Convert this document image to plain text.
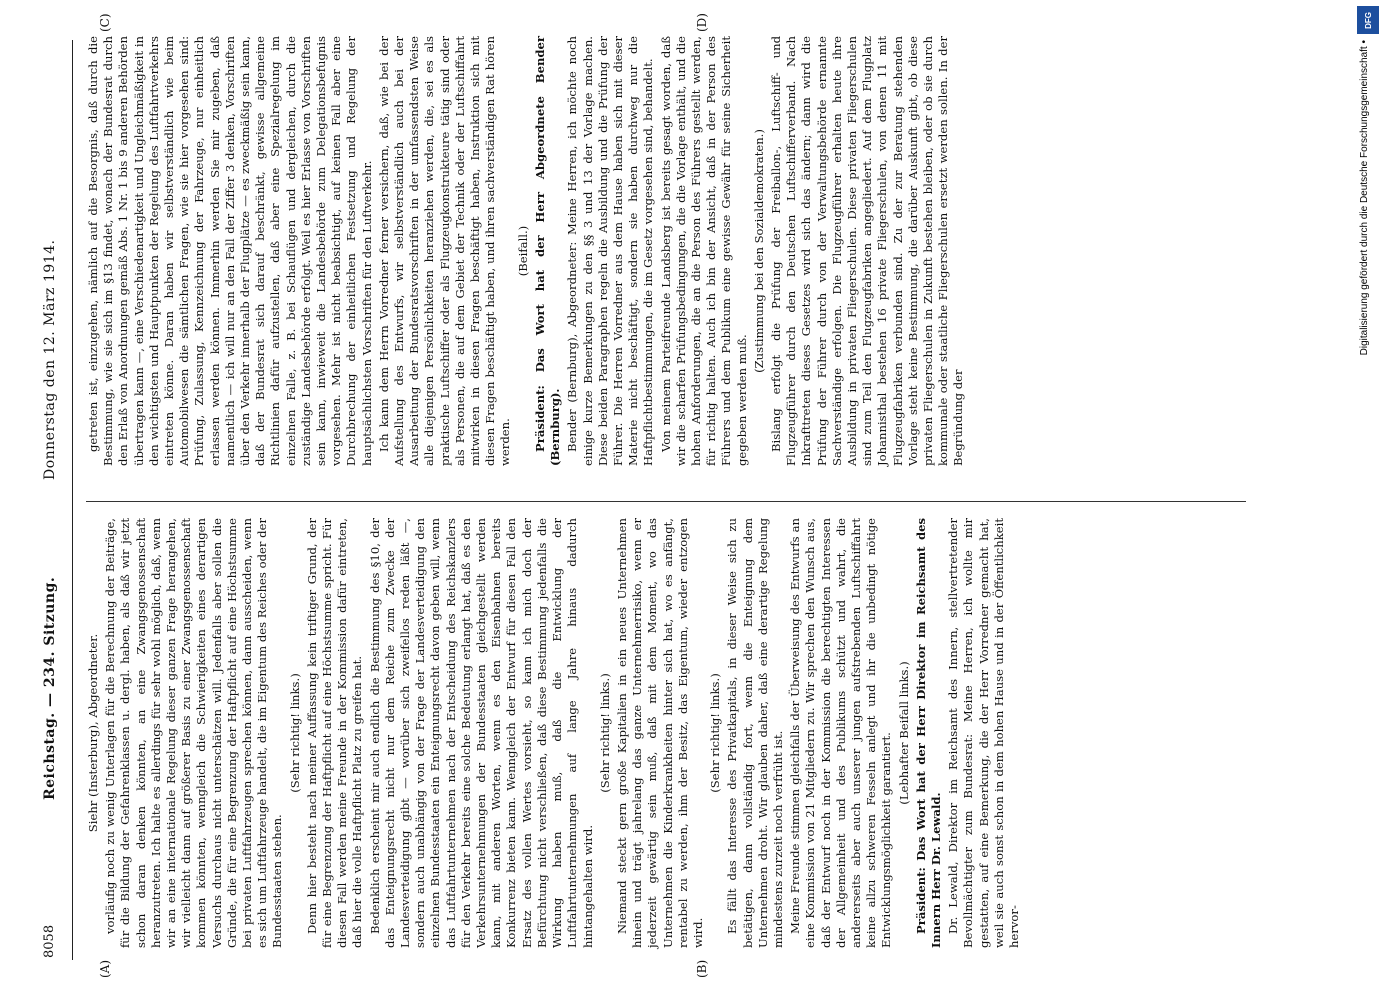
8058
Reichstag. — 234. Sitzung.
Donnerstag den 12. März 1914.
(A)	(B)
(C)	(D)

Siehr (Insterburg), Abgeordneter. vorläufig noch zu wenig Unterlagen für die Berechnung der Beiträge, für die Bildung der Gefahrenklassen u. dergl. haben, als daß wir jetzt schon daran denken könnten, an eine Zwangsgenossenschaft heranzutreten. Ich halte es allerdings für sehr wohl möglich, daß, wenn wir an eine internationale Regelung dieser ganzen Frage herangehen, wir vielleicht dann auf größerer Basis zu einer Zwangsgenossenschaft kommen könnten, wenngleich die Schwierigkeiten eines derartigen Versuchs durchaus nicht unterschätzen will. Jedenfalls aber sollen die Gründe, die für eine Begrenzung der Haftpflicht auf eine Höchstsumme bei privaten Luftfahrzeugen sprechen können, dann ausscheiden, wenn es sich um Luftfahrzeuge handelt, die im Eigentum des Reiches oder der Bundesstaaten stehen.

(Sehr richtig! links.) Denn hier besteht nach meiner Auffassung kein triftiger Grund, der für eine Begrenzung der Haftpflicht auf eine Höchstsumme spricht. Für diesen Fall werden meine Freunde in der Kommission dafür eintreten, daß hier die volle Haftpflicht Platz zu greifen hat. Bedenklich erscheint mir auch endlich die Bestimmung des §10, der das Enteignungsrecht nicht nur dem Reiche zum Zwecke der Landesverteidigung gibt — worüber sich zweifellos reden läßt —, sondern auch unabhängig von der Frage der Landesverteidigung den einzelnen Bundesstaaten ein Enteignungsrecht davon geben will, wenn das Luftfahrtunternehmen nach der Entscheidung des Reichskanzlers für den Verkehr bereits eine solche Bedeutung erlangt hat, daß es den Verkehrsunternehmungen der Bundesstaaten gleichgestellt werden kann, mit anderen Worten, wenn es den Eisenbahnen bereits Konkurrenz bieten kann. Wenngleich der Entwurf für diesen Fall den Ersatz des vollen Wertes vorsieht, so kann ich mich doch der Befürchtung nicht verschließen, daß diese Bestimmung jedenfalls die Wirkung haben muß, daß die Entwicklung der Luftfahrtunternehmungen auf lange Jahre hinaus dadurch hintangehalten wird.

(Sehr richtig! links.) Niemand steckt gern große Kapitalien in ein neues Unternehmen hinein und trägt jahrelang das ganze Unternehmerrisiko, wenn er jederzeit gewärtig sein muß, daß mit dem Moment, wo das Unternehmen die Kinderkrankheiten hinter sich hat, wo es anfängt, rentabel zu werden, ihm der Besitz, das Eigentum, wieder entzogen wird.

(Sehr richtig! links.) Es fällt das Interesse des Privatkapitals, in dieser Weise sich zu betätigen, dann vollständig fort, wenn die Enteignung dem Unternehmen droht. Wir glauben daher, daß eine derartige Regelung mindestens zurzeit noch verfrüht ist. Meine Freunde stimmen gleichfalls der Überweisung des Entwurfs an eine Kommission von 21 Mitgliedern zu. Wir sprechen den Wunsch aus, daß der Entwurf noch in der Kommission die berechtigten Interessen der Allgemeinheit und des Publikums schützt und wahrt, die andererseits aber auch unserer jungen aufstrebenden Luftschiffahrt keine allzu schweren Fesseln anlegt und ihr die unbedingt nötige Entwicklungsmöglichkeit garantiert. (Lebhafter Beifall links.) Präsident: Das Wort hat der Herr Direktor im Reichsamt des Innern Herr Dr. Lewald. Dr. Lewald, Direktor im Reichsamt des Innern, stellvertretender Bevollmächtigter zum Bundesrat: Meine Herren, ich wollte mir gestatten, auf eine Bemerkung, die der Herr Vorredner gemacht hat, weil sie auch sonst schon in dem hohen Hause und in der Öffentlichkeit hervor-

getreten ist, einzugehen, nämlich auf die Besorgnis, daß durch die Bestimmung, wie sie sich im §13 findet, wonach der Bundesrat durch den Erlaß von Anordnungen gemäß Abs. 1 Nr. 1 bis 9 anderen Behörden übertragen kann —, eine Verschiedenartigkeit und Ungleichmäßigkeit in den wichtigsten und Hauptpunkten der Regelung des Luftfahrtverkehrs eintreten könne. Daran haben wir selbstverständlich wie beim Automobilwesen die sämtlichen Fragen, wie sie hier vorgesehen sind: Prüfung, Zulassung, Kennzeichnung der Fahrzeuge, nur einheitlich erlassen werden können. Immerhin werden Sie mir zugeben, daß namentlich — ich will nur an den Fall der Ziffer 3 denken, Vorschriften über den Verkehr innerhalb der Flugplätze — es zweckmäßig sein kann, daß der Bundesrat sich darauf beschränkt, gewisse allgemeine Richtlinien dafür aufzustellen, daß aber eine Spezialregelung im einzelnen Falle, z. B. bei Schauflügen und dergleichen, durch die zuständige Landesbehörde erfolgt. Weil es hier Erlasse von Vorschriften sein kann, inwieweit die Landesbehörde zum Delegationsbefugnis vorgesehen. Mehr ist nicht beabsichtigt, auf keinen Fall aber eine Durchbrechung der einheitlichen Festsetzung und Regelung der hauptsächlichsten Vorschriften für den Luftverkehr. Ich kann dem Herrn Vorredner ferner versichern, daß, wie bei der Aufstellung des Entwurfs, wir selbstverständlich auch bei der Ausarbeitung der Bundesratsvorschriften in der umfassendsten Weise alle diejenigen Persönlichkeiten heranziehen werden, die, sei es als praktische Luftschiffer oder als Flugzeugkonstrukteure tätig sind oder als Personen, die auf dem Gebiet der Technik oder der Luftschiffahrt mitwirken in diesen Fragen beschäftigt haben, Instruktion sich mit diesen Fragen beschäftigt haben, und ihren sachverständigen Rat hören werden.

(Beifall.) Präsident: Das Wort hat der Herr Abgeordnete Bender (Bernburg). Bender (Bernburg), Abgeordneter: Meine Herren, ich möchte noch einige kurze Bemerkungen zu den §§ 3 und 13 der Vorlage machen. Diese beiden Paragraphen regeln die Ausbildung und die Prüfung der Führer. Die Herren Vorredner aus dem Hause haben sich mit dieser Materie nicht beschäftigt, sondern sie haben durchweg nur die Haftpflichtbestimmungen, die im Gesetz vorgesehen sind, behandelt. Von meinem Parteifreunde Landsberg ist bereits gesagt worden, daß wir die scharfen Prüfungsbedingungen, die die Vorlage enthält, und die hohen Anforderungen, die an die Person des Führers gestellt werden, für richtig halten. Auch ich bin der Ansicht, daß in der Person des Führers und dem Publikum eine gewisse Gewähr für seine Sicherheit gegeben werden muß.

(Zustimmung bei den Sozialdemokraten.) Bislang erfolgt die Prüfung der Freiballon-, Luftschiff- und Flugzeugführer durch den Deutschen Luftschifferverband. Nach Inkrafttreten dieses Gesetzes wird sich das ändern; dann wird die Prüfung der Führer durch von der Verwaltungsbehörde ernannte Sachverständige erfolgen. Die Flugzeugführer erhalten heute ihre Ausbildung in privaten Fliegerschulen. Diese privaten Fliegerschulen sind zum Teil den Flugzeugfabriken angegliedert. Auf dem Flugplatz Johannisthal bestehen 16 private Fliegerschulen, von denen 11 mit Flugzeugfabriken verbunden sind. Zu der zur Beratung stehenden Vorlage steht keine Bestimmung, die darüber Auskunft gibt, ob diese privaten Fliegerschulen in Zukunft bestehen bleiben, oder ob sie durch kommunale oder staatliche Fliegerschulen ersetzt werden sollen. In der Begründung der

DFG
Digitalisierung gefördert durch die Deutsche Forschungsgemeinschaft •
